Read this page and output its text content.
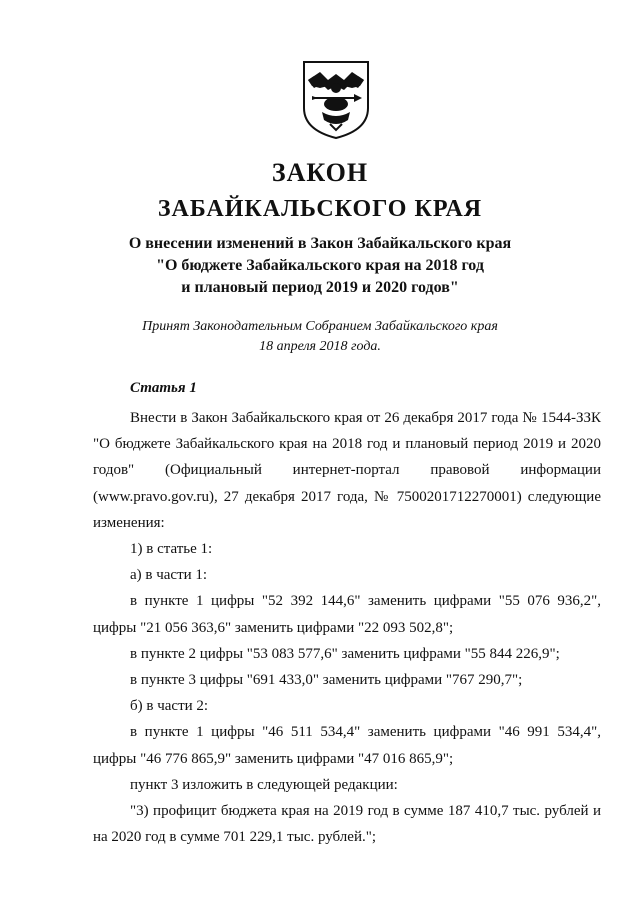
ЗАКОН
ЗАБАЙКАЛЬСКОГО КРАЯ
О внесении изменений в Закон Забайкальского края
"О бюджете Забайкальского края на 2018 год
и плановый период 2019 и 2020 годов"
Принят Законодательным Собранием Забайкальского края
18 апреля 2018 года.
Статья 1

Внести в Закон Забайкальского края от 26 декабря 2017 года № 1544-ЗЗК "О бюджете Забайкальского края на 2018 год и плановый период 2019 и 2020 годов" (Официальный интернет-портал правовой информации (www.pravo.gov.ru), 27 декабря 2017 года, № 7500201712270001) следующие изменения:

1) в статье 1:

а) в части 1:

в пункте 1 цифры "52 392 144,6" заменить цифрами "55 076 936,2", цифры "21 056 363,6" заменить цифрами "22 093 502,8";

в пункте 2 цифры "53 083 577,6" заменить цифрами "55 844 226,9";

в пункте 3 цифры "691 433,0" заменить цифрами "767 290,7";

б) в части 2:

в пункте 1 цифры "46 511 534,4" заменить цифрами "46 991 534,4", цифры "46 776 865,9" заменить цифрами "47 016 865,9";

пункт 3 изложить в следующей редакции:

"3) профицит бюджета края на 2019 год в сумме 187 410,7 тыс. рублей и на 2020 год в сумме 701 229,1 тыс. рублей.";
